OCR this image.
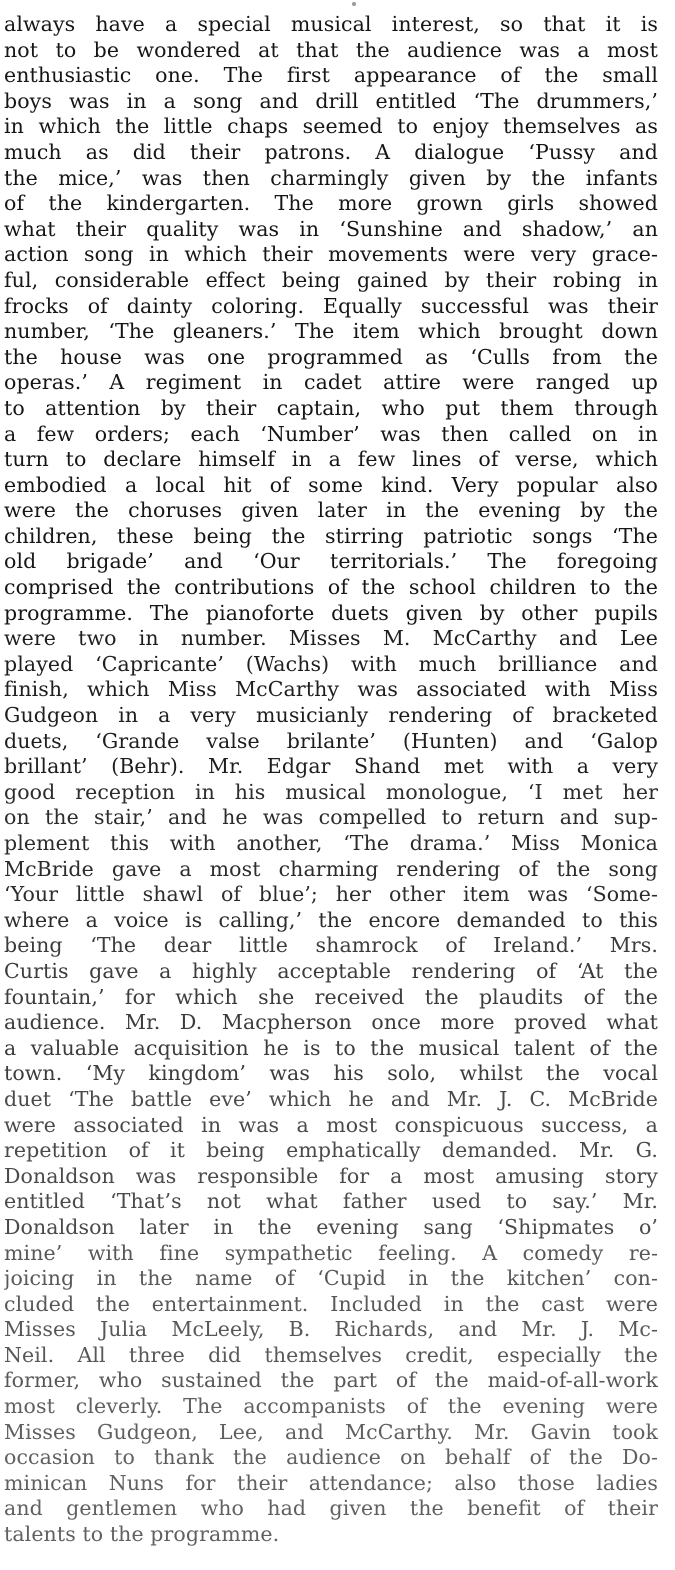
always have a special musical interest, so that it is
not to be wondered at that the audience was a most
enthusiastic one. The first appearance of the small
boys was in a song and drill entitled ‘The drummers,’
in which the little chaps seemed to enjoy themselves as
much as did their patrons. A dialogue ‘Pussy and
the mice,’ was then charmingly given by the infants
of the kindergarten. The more grown girls showed
what their quality was in ‘Sunshine and shadow,’ an
action song in which their movements were very grace-
ful, considerable effect being gained by their robing in
frocks of dainty coloring. Equally successful was their
number, ‘The gleaners.’ The item which brought down
the house was one programmed as ‘Culls from the
operas.’ A regiment in cadet attire were ranged up
to attention by their captain, who put them through
a few orders; each ‘Number’ was then called on in
turn to declare himself in a few lines of verse, which
embodied a local hit of some kind. Very popular also
were the choruses given later in the evening by the
children, these being the stirring patriotic songs ‘The
old brigade’ and ‘Our territorials.’ The foregoing
comprised the contributions of the school children to the
programme. The pianoforte duets given by other pupils
were two in number. Misses M. McCarthy and Lee
played ‘Capricante’ (Wachs) with much brilliance and
finish, which Miss McCarthy was associated with Miss
Gudgeon in a very musicianly rendering of bracketed
duets, ‘Grande valse brilante’ (Hunten) and ‘Galop
brillant’ (Behr). Mr. Edgar Shand met with a very
good reception in his musical monologue, ‘I met her
on the stair,’ and he was compelled to return and sup-
plement this with another, ‘The drama.’ Miss Monica
McBride gave a most charming rendering of the song
‘Your little shawl of blue’; her other item was ‘Some-
where a voice is calling,’ the encore demanded to this
being ‘The dear little shamrock of Ireland.’ Mrs.
Curtis gave a highly acceptable rendering of ‘At the
fountain,’ for which she received the plaudits of the
audience. Mr. D. Macpherson once more proved what
a valuable acquisition he is to the musical talent of the
town. ‘My kingdom’ was his solo, whilst the vocal
duet ‘The battle eve’ which he and Mr. J. C. McBride
were associated in was a most conspicuous success, a
repetition of it being emphatically demanded. Mr. G.
Donaldson was responsible for a most amusing story
entitled ‘That’s not what father used to say.’ Mr.
Donaldson later in the evening sang ‘Shipmates o’
mine’ with fine sympathetic feeling. A comedy re-
joicing in the name of ‘Cupid in the kitchen’ con-
cluded the entertainment. Included in the cast were
Misses Julia McLeely, B. Richards, and Mr. J. Mc-
Neil. All three did themselves credit, especially the
former, who sustained the part of the maid-of-all-work
most cleverly. The accompanists of the evening were
Misses Gudgeon, Lee, and McCarthy. Mr. Gavin took
occasion to thank the audience on behalf of the Do-
minican Nuns for their attendance; also those ladies
and gentlemen who had given the benefit of their
talents to the programme.
